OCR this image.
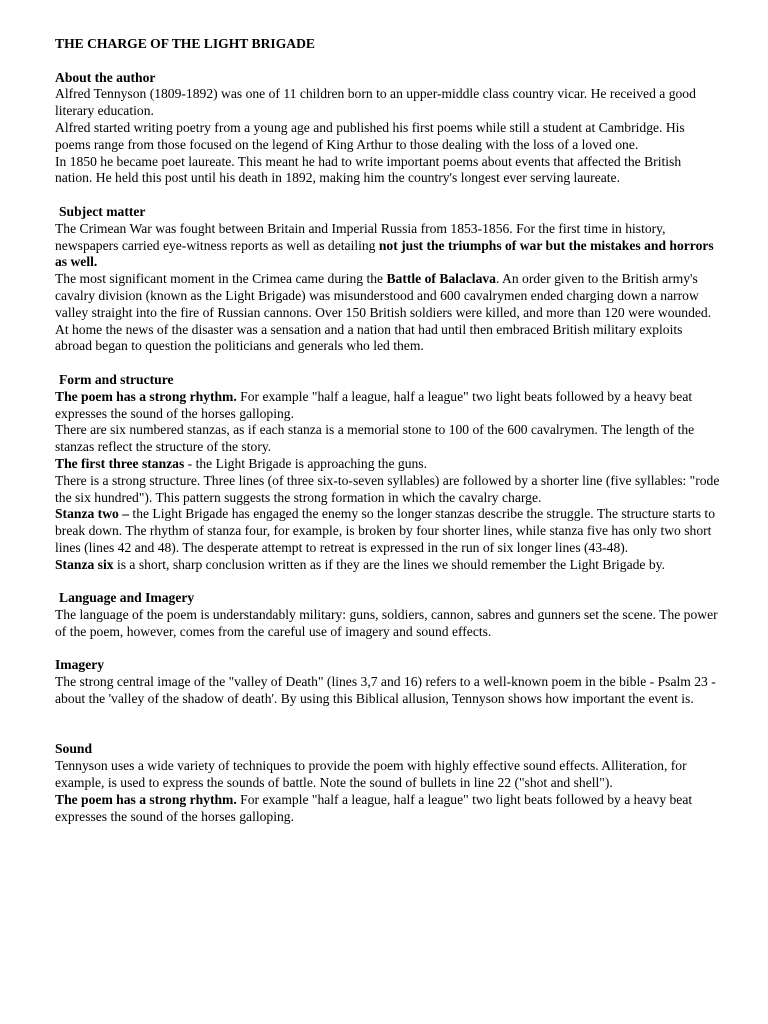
THE CHARGE OF THE LIGHT BRIGADE

About the author

Alfred Tennyson (1809-1892) was one of 11 children born to an upper-middle class country vicar. He received a good literary education.

Alfred started writing poetry from a young age and published his first poems while still a student at Cambridge. His poems range from those focused on the legend of King Arthur to those dealing with the loss of a loved one.

In 1850 he became poet laureate. This meant he had to write important poems about events that affected the British nation. He held this post until his death in 1892, making him the country's longest ever serving laureate.

Subject matter

The Crimean War was fought between Britain and Imperial Russia from 1853-1856. For the first time in history, newspapers carried eye-witness reports as well as detailing not just the triumphs of war but the mistakes and horrors as well.

The most significant moment in the Crimea came during the Battle of Balaclava. An order given to the British army's cavalry division (known as the Light Brigade) was misunderstood and 600 cavalrymen ended charging down a narrow valley straight into the fire of Russian cannons. Over 150 British soldiers were killed, and more than 120 were wounded. At home the news of the disaster was a sensation and a nation that had until then embraced British military exploits abroad began to question the politicians and generals who led them.

Form and structure

The poem has a strong rhythm. For example "half a league, half a league" two light beats followed by a heavy beat expresses the sound of the horses galloping.

There are six numbered stanzas, as if each stanza is a memorial stone to 100 of the 600 cavalrymen. The length of the stanzas reflect the structure of the story.

The first three stanzas - the Light Brigade is approaching the guns.

There is a strong structure. Three lines (of three six-to-seven syllables) are followed by a shorter line (five syllables: "rode the six hundred"). This pattern suggests the strong formation in which the cavalry charge.

Stanza two – the Light Brigade has engaged the enemy so the longer stanzas describe the struggle. The structure starts to break down. The rhythm of stanza four, for example, is broken by four shorter lines, while stanza five has only two short lines (lines 42 and 48). The desperate attempt to retreat is expressed in the run of six longer lines (43-48).

Stanza six is a short, sharp conclusion written as if they are the lines we should remember the Light Brigade by.

Language and Imagery

The language of the poem is understandably military: guns, soldiers, cannon, sabres and gunners set the scene. The power of the poem, however, comes from the careful use of imagery and sound effects.

Imagery

The strong central image of the "valley of Death" (lines 3,7 and 16) refers to a well-known poem in the bible - Psalm 23 - about the 'valley of the shadow of death'. By using this Biblical allusion, Tennyson shows how important the event is.

Sound

Tennyson uses a wide variety of techniques to provide the poem with highly effective sound effects. Alliteration, for example, is used to express the sounds of battle. Note the sound of bullets in line 22 ("shot and shell").

The poem has a strong rhythm. For example "half a league, half a league" two light beats followed by a heavy beat expresses the sound of the horses galloping.
